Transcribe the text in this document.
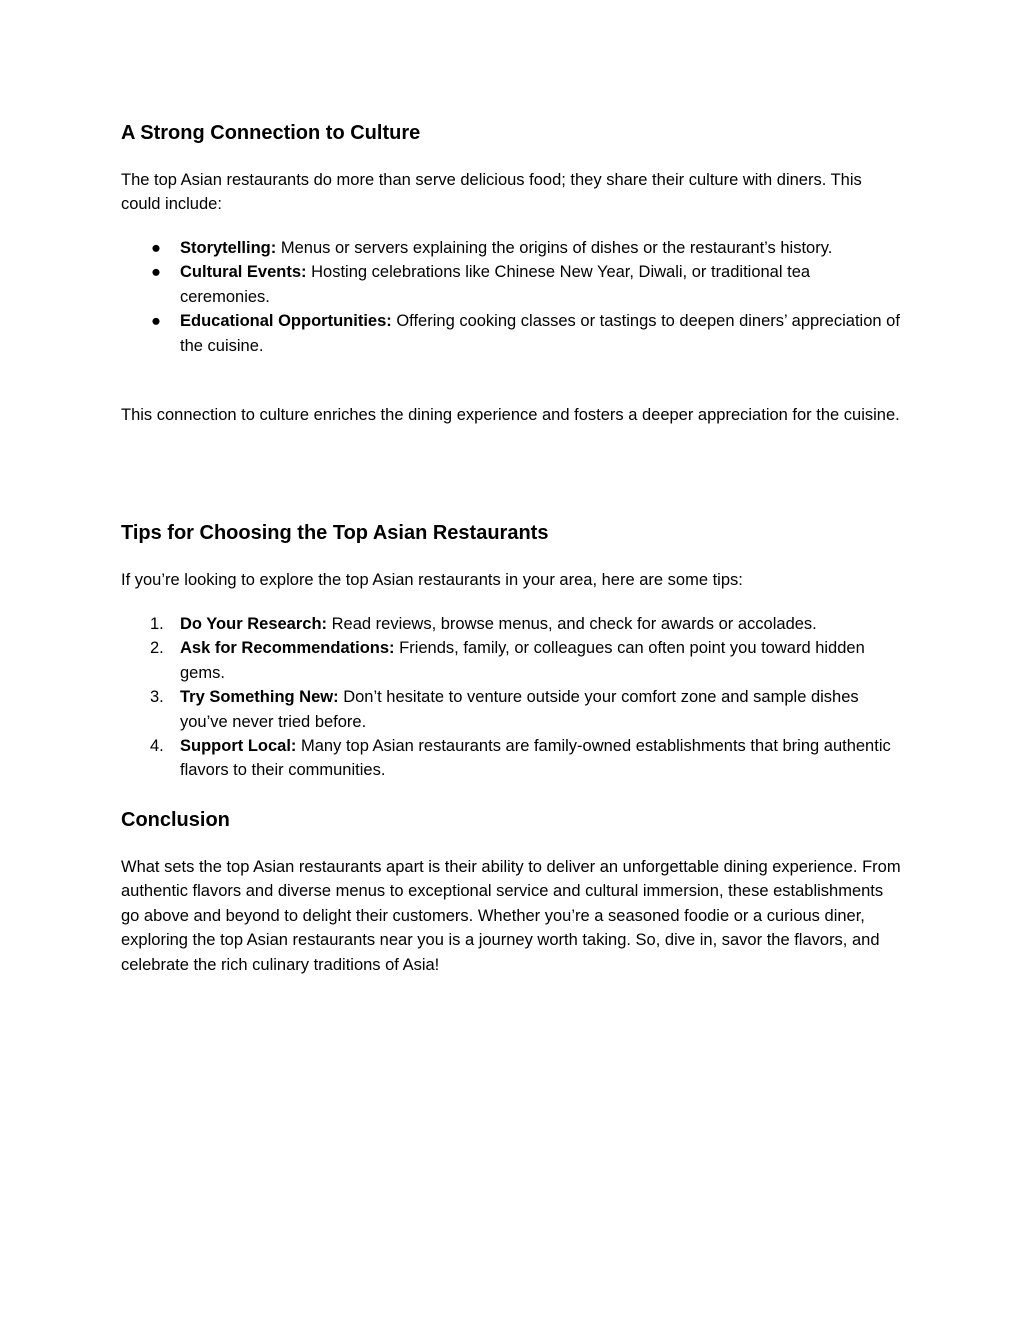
A Strong Connection to Culture

The top Asian restaurants do more than serve delicious food; they share their culture with diners. This could include:

●	Storytelling: Menus or servers explaining the origins of dishes or the restaurant’s history.
●	Cultural Events: Hosting celebrations like Chinese New Year, Diwali, or traditional tea ceremonies.
●	Educational Opportunities: Offering cooking classes or tastings to deepen diners’ appreciation of the cuisine.

This connection to culture enriches the dining experience and fosters a deeper appreciation for the cuisine.

Tips for Choosing the Top Asian Restaurants

If you’re looking to explore the top Asian restaurants in your area, here are some tips:

1. Do Your Research: Read reviews, browse menus, and check for awards or accolades.
2. Ask for Recommendations: Friends, family, or colleagues can often point you toward hidden gems.
3. Try Something New: Don’t hesitate to venture outside your comfort zone and sample dishes you’ve never tried before.
4. Support Local: Many top Asian restaurants are family-owned establishments that bring authentic flavors to their communities.
Conclusion

What sets the top Asian restaurants apart is their ability to deliver an unforgettable dining experience. From authentic flavors and diverse menus to exceptional service and cultural immersion, these establishments go above and beyond to delight their customers. Whether you’re a seasoned foodie or a curious diner, exploring the top Asian restaurants near you is a journey worth taking. So, dive in, savor the flavors, and celebrate the rich culinary traditions of Asia!
